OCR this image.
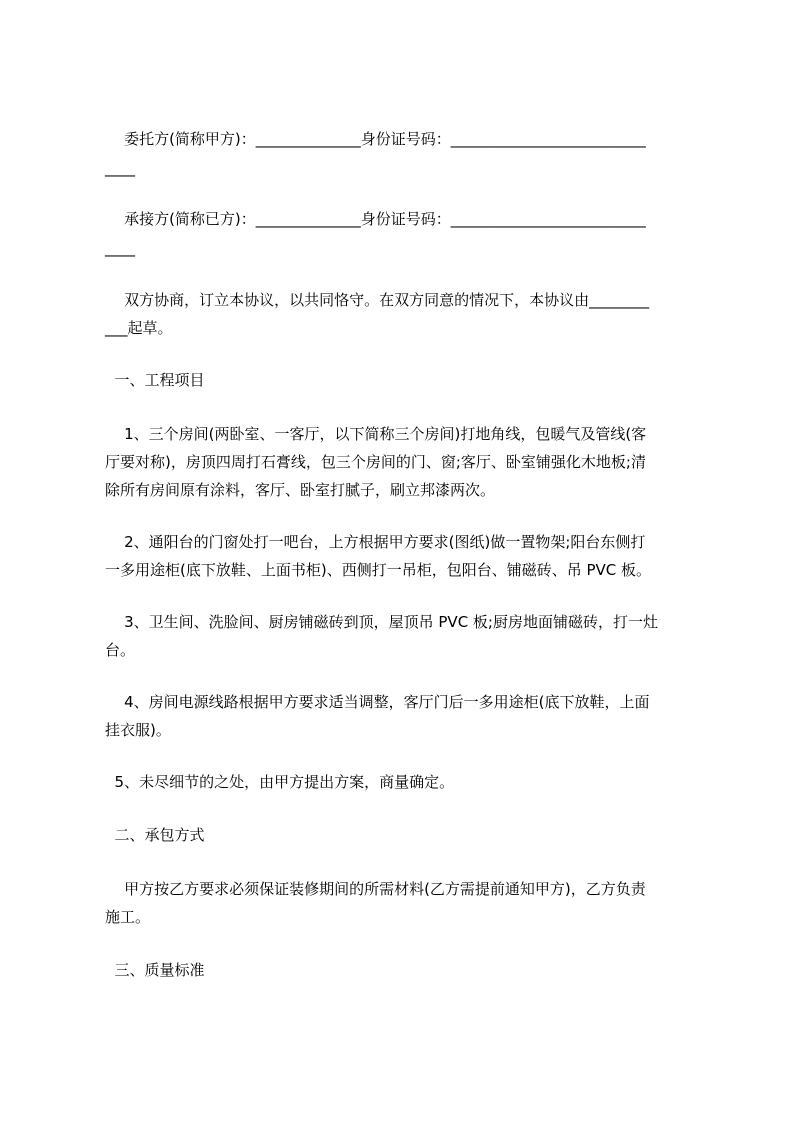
委托方(简称甲方)：______________身份证号码：__________________________
____
承接方(简称已方)：______________身份证号码：__________________________
____
双方协商，订立本协议，以共同恪守。在双方同意的情况下，本协议由________
___起草。
一、工程项目
1、三个房间(两卧室、一客厅，以下简称三个房间)打地角线，包暖气及管线(客
厅要对称)，房顶四周打石膏线，包三个房间的门、窗;客厅、卧室铺强化木地板;清
除所有房间原有涂料，客厅、卧室打腻子，刷立邦漆两次。
2、通阳台的门窗处打一吧台，上方根据甲方要求(图纸)做一置物架;阳台东侧打
一多用途柜(底下放鞋、上面书柜)、西侧打一吊柜，包阳台、铺磁砖、吊 PVC 板。
3、卫生间、洗脸间、厨房铺磁砖到顶，屋顶吊 PVC 板;厨房地面铺磁砖，打一灶
台。
4、房间电源线路根据甲方要求适当调整，客厅门后一多用途柜(底下放鞋，上面
挂衣服)。
5、未尽细节的之处，由甲方提出方案，商量确定。
二、承包方式
甲方按乙方要求必须保证装修期间的所需材料(乙方需提前通知甲方)，乙方负责
施工。
三、质量标准
